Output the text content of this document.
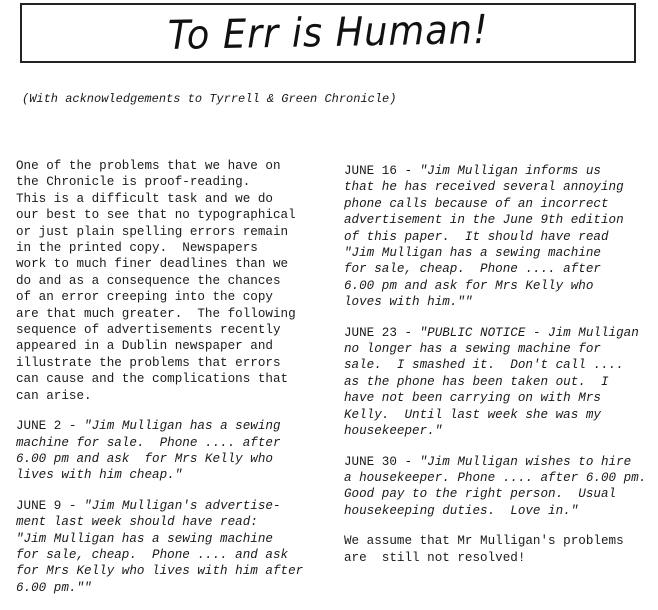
To Err is Human!
(With acknowledgements to Tyrrell & Green Chronicle)

One of the problems that we have on
the Chronicle is proof-reading.
This is a difficult task and we do
our best to see that no typographical
or just plain spelling errors remain
in the printed copy.  Newspapers
work to much finer deadlines than we
do and as a consequence the chances
of an error creeping into the copy
are that much greater.  The following
sequence of advertisements recently
appeared in a Dublin newspaper and
illustrate the problems that errors
can cause and the complications that
can arise.

JUNE 2 - "Jim Mulligan has a sewing
machine for sale.  Phone .... after
6.00 pm and ask  for Mrs Kelly who
lives with him cheap."

JUNE 9 - "Jim Mulligan's advertise-
ment last week should have read:
"Jim Mulligan has a sewing machine
for sale, cheap.  Phone .... and ask
for Mrs Kelly who lives with him after
6.00 pm.""

JUNE 16 - "Jim Mulligan informs us
that he has received several annoying
phone calls because of an incorrect
advertisement in the June 9th edition
of this paper.  It should have read
"Jim Mulligan has a sewing machine
for sale, cheap.  Phone .... after
6.00 pm and ask for Mrs Kelly who
loves with him.""

JUNE 23 - "PUBLIC NOTICE - Jim Mulligan
no longer has a sewing machine for
sale.  I smashed it.  Don't call ....
as the phone has been taken out.  I
have not been carrying on with Mrs
Kelly.  Until last week she was my
housekeeper."

JUNE 30 - "Jim Mulligan wishes to hire
a housekeeper. Phone .... after 6.00 pm.
Good pay to the right person.  Usual
housekeeping duties.  Love in."

We assume that Mr Mulligan's problems
are  still not resolved!
